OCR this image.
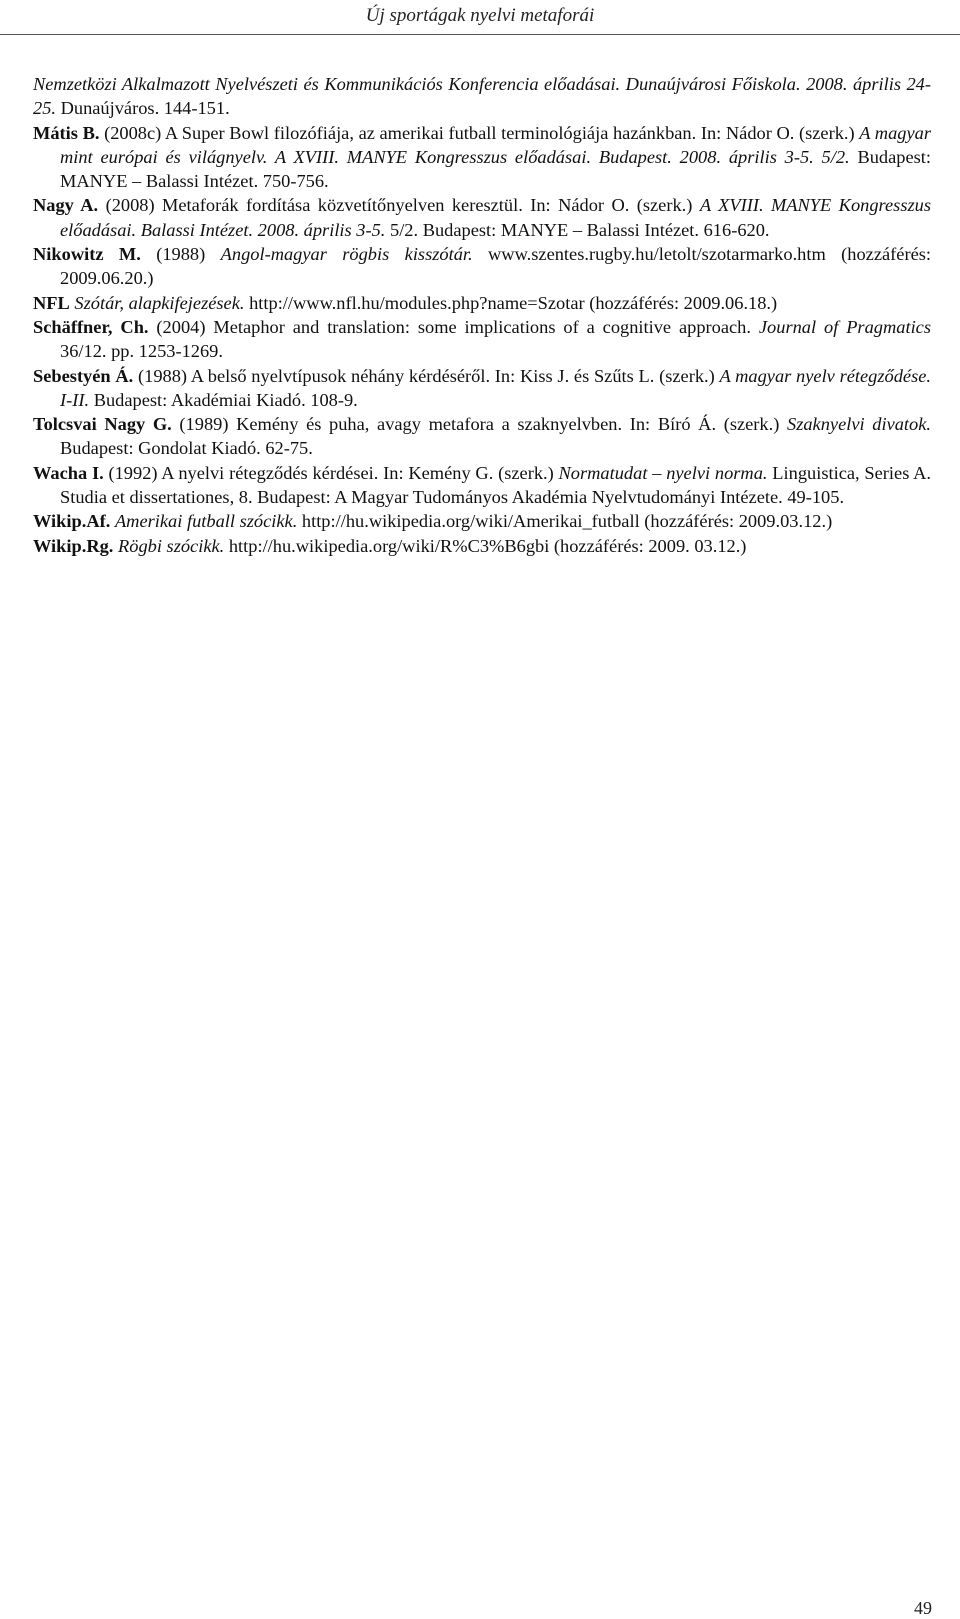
Új sportágak nyelvi metaforái
Nemzetközi Alkalmazott Nyelvészeti és Kommunikációs Konferencia előadásai. Dunaújvárosi Főiskola. 2008. április 24-25. Dunaújváros. 144-151.
Mátis B. (2008c) A Super Bowl filozófiája, az amerikai futball terminológiája hazánkban. In: Nádor O. (szerk.) A magyar mint európai és világnyelv. A XVIII. MANYE Kongresszus előadásai. Budapest. 2008. április 3-5. 5/2. Budapest: MANYE – Balassi Intézet. 750-756.
Nagy A. (2008) Metaforák fordítása közvetítőnyelven keresztül. In: Nádor O. (szerk.) A XVIII. MANYE Kongresszus előadásai. Balassi Intézet. 2008. április 3-5. 5/2. Budapest: MANYE – Balassi Intézet. 616-620.
Nikowitz M. (1988) Angol-magyar rögbis kisszótár. www.szentes.rugby.hu/letolt/szotarmarko.htm (hozzáférés: 2009.06.20.)
NFL Szótár, alapkifejezések. http://www.nfl.hu/modules.php?name=Szotar (hozzáférés: 2009.06.18.)
Schäffner, Ch. (2004) Metaphor and translation: some implications of a cognitive approach. Journal of Pragmatics 36/12. pp. 1253-1269.
Sebestyén Á. (1988) A belső nyelvtípusok néhány kérdéséről. In: Kiss J. és Szűts L. (szerk.) A magyar nyelv rétegződése. I-II. Budapest: Akadémiai Kiadó. 108-9.
Tolcsvai Nagy G. (1989) Kemény és puha, avagy metafora a szaknyelvben. In: Bíró Á. (szerk.) Szaknyelvi divatok. Budapest: Gondolat Kiadó. 62-75.
Wacha I. (1992) A nyelvi rétegződés kérdései. In: Kemény G. (szerk.) Normatudat – nyelvi norma. Linguistica, Series A. Studia et dissertationes, 8. Budapest: A Magyar Tudományos Akadémia Nyelvtudományi Intézete. 49-105.
Wikip.Af. Amerikai futball szócikk. http://hu.wikipedia.org/wiki/Amerikai_futball (hozzáférés: 2009.03.12.)
Wikip.Rg. Rögbi szócikk. http://hu.wikipedia.org/wiki/R%C3%B6gbi (hozzáférés: 2009. 03.12.)
49
